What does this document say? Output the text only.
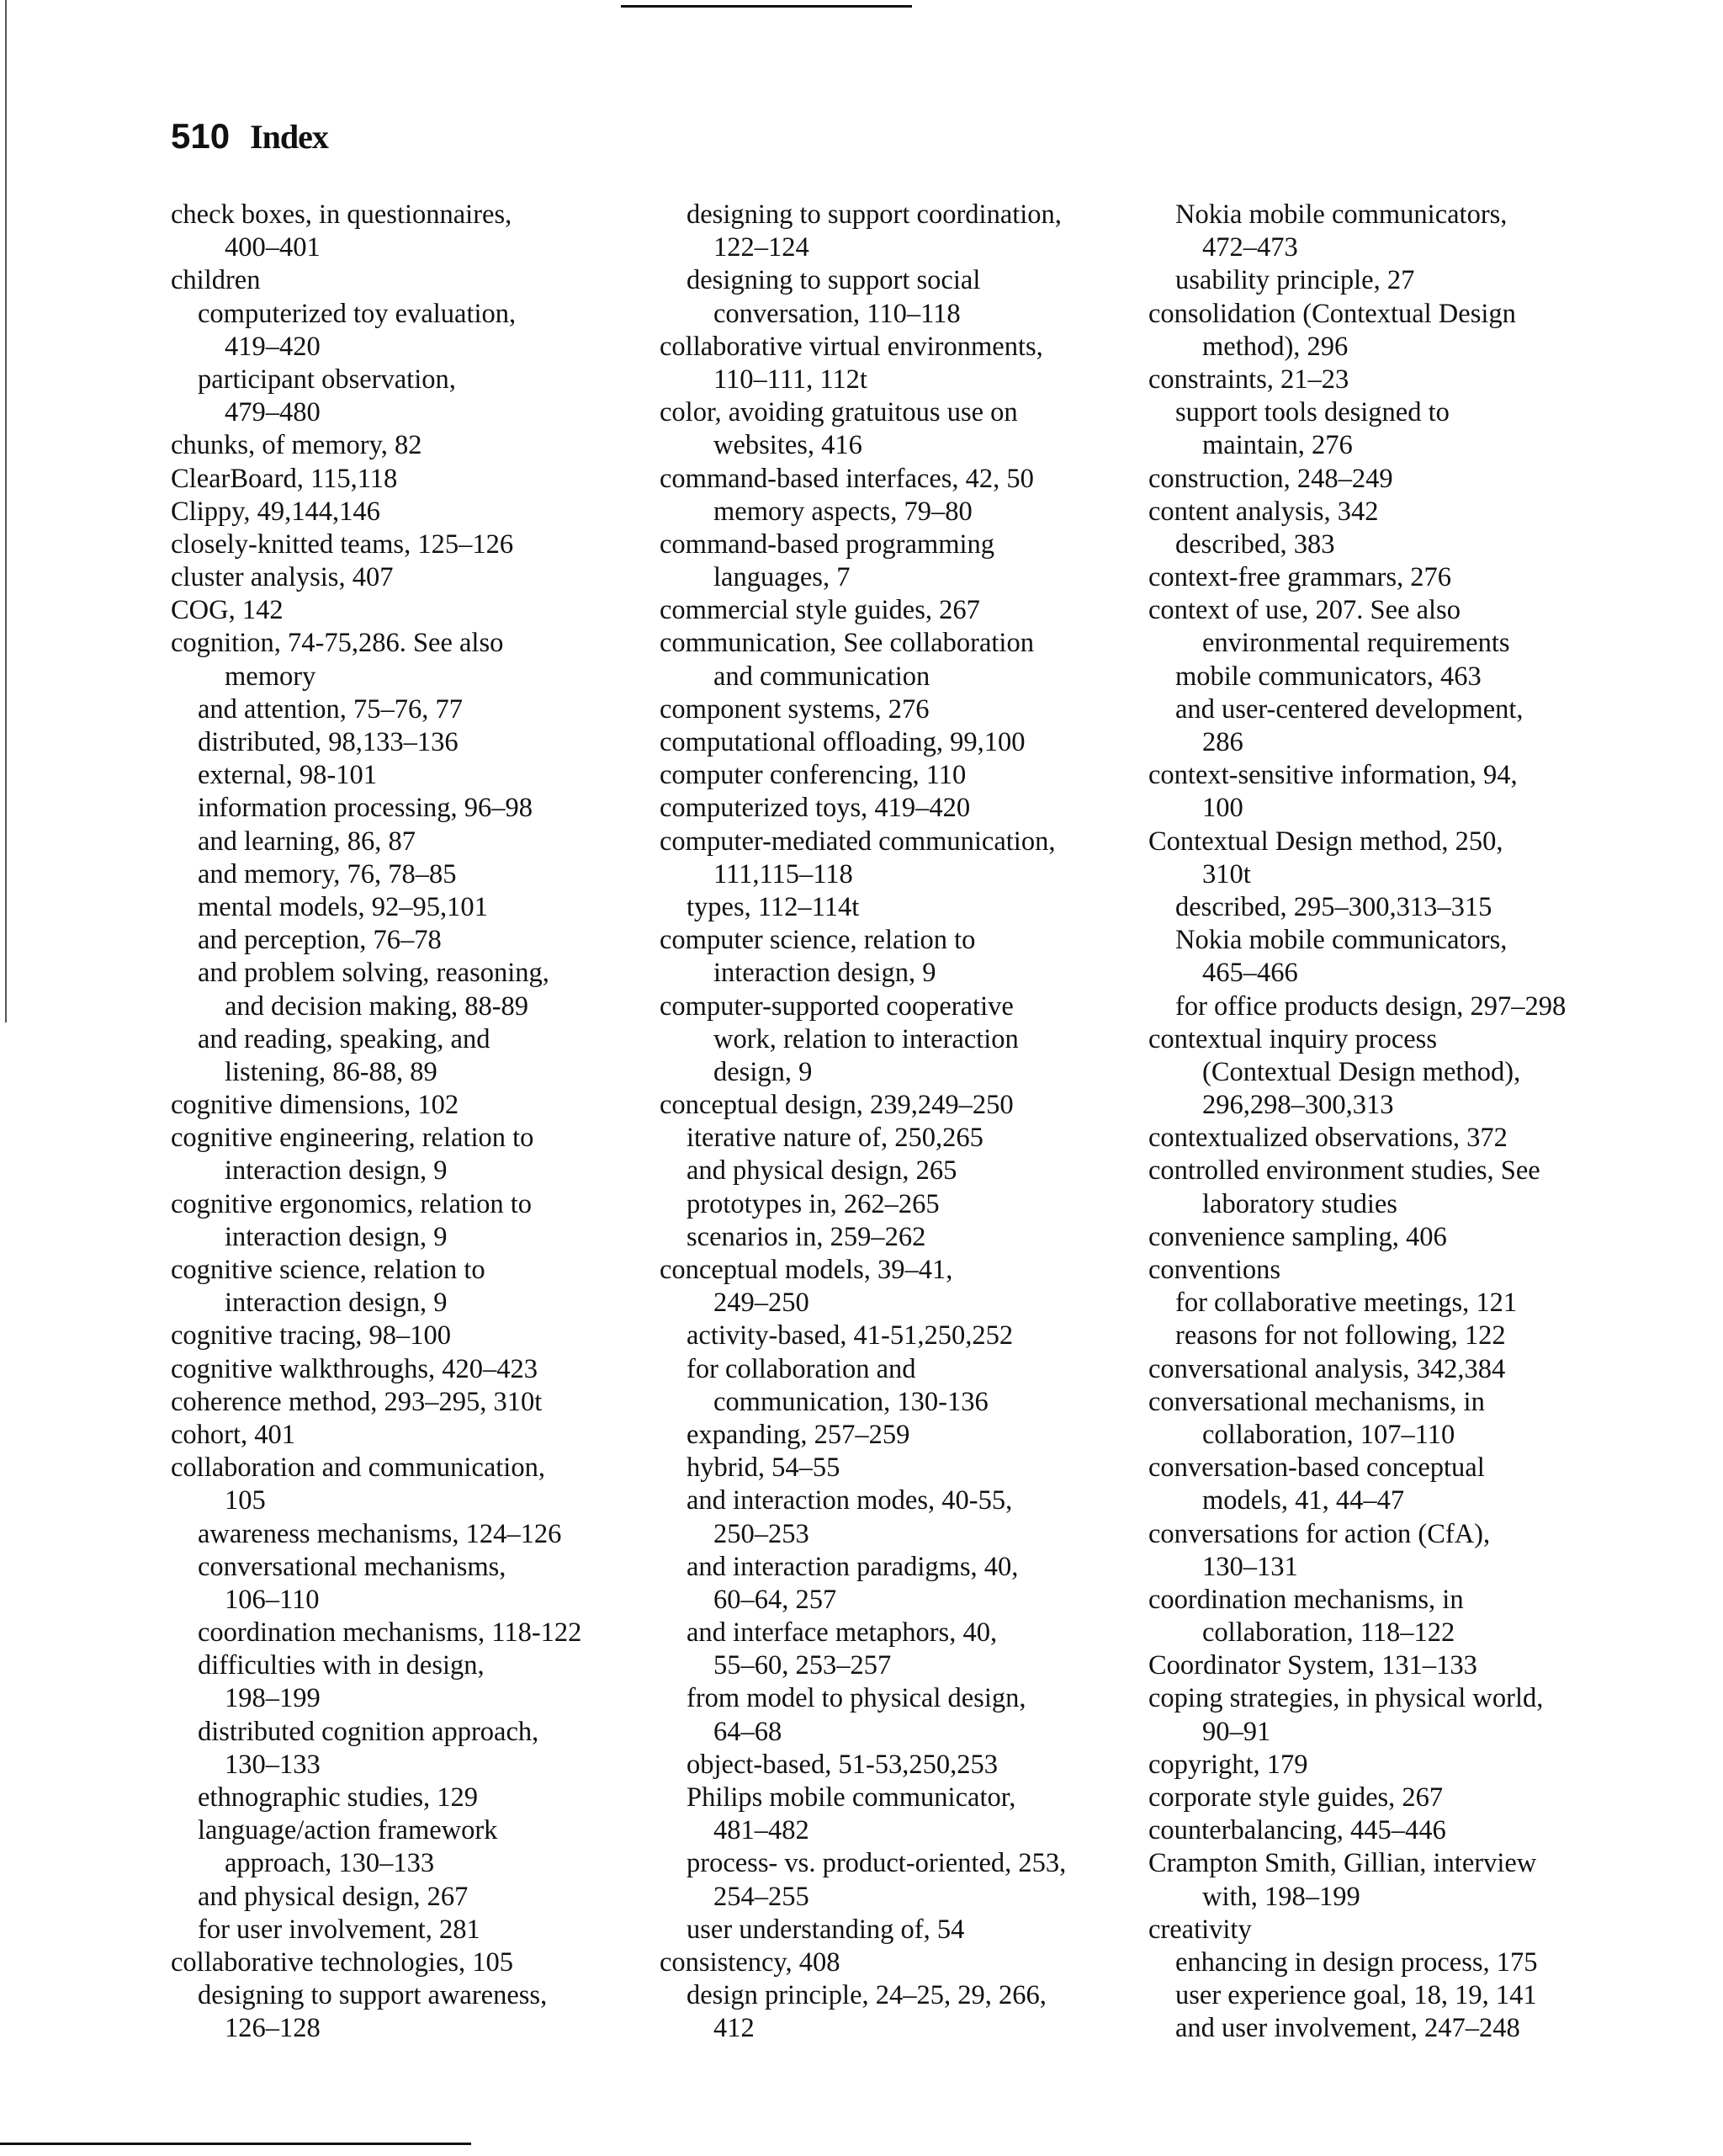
510 Index
check boxes, in questionnaires,
400–401
children
computerized toy evaluation,
419–420
participant observation,
479–480
chunks, of memory, 82
ClearBoard, 115,118
Clippy, 49,144,146
closely-knitted teams, 125–126
cluster analysis, 407
COG, 142
cognition, 74-75,286. See also
memory
and attention, 75–76, 77
distributed, 98,133–136
external, 98-101
information processing, 96–98
and learning, 86, 87
and memory, 76, 78–85
mental models, 92–95,101
and perception, 76–78
and problem solving, reasoning,
and decision making, 88-89
and reading, speaking, and
listening, 86-88, 89
cognitive dimensions, 102
cognitive engineering, relation to
interaction design, 9
cognitive ergonomics, relation to
interaction design, 9
cognitive science, relation to
interaction design, 9
cognitive tracing, 98–100
cognitive walkthroughs, 420–423
coherence method, 293–295, 310t
cohort, 401
collaboration and communication,
105
awareness mechanisms, 124–126
conversational mechanisms,
106–110
coordination mechanisms, 118-122
difficulties with in design,
198–199
distributed cognition approach,
130–133
ethnographic studies, 129
language/action framework
approach, 130–133
and physical design, 267
for user involvement, 281
collaborative technologies, 105
designing to support awareness,
126–128
designing to support coordination,
122–124
designing to support social
conversation, 110–118
collaborative virtual environments,
110–111, 112t
color, avoiding gratuitous use on
websites, 416
command-based interfaces, 42, 50
memory aspects, 79–80
command-based programming
languages, 7
commercial style guides, 267
communication, See collaboration
and communication
component systems, 276
computational offloading, 99,100
computer conferencing, 110
computerized toys, 419–420
computer-mediated communication,
111,115–118
types, 112–114t
computer science, relation to
interaction design, 9
computer-supported cooperative
work, relation to interaction
design, 9
conceptual design, 239,249–250
iterative nature of, 250,265
and physical design, 265
prototypes in, 262–265
scenarios in, 259–262
conceptual models, 39–41,
249–250
activity-based, 41-51,250,252
for collaboration and
communication, 130-136
expanding, 257–259
hybrid, 54–55
and interaction modes, 40-55,
250–253
and interaction paradigms, 40,
60–64, 257
and interface metaphors, 40,
55–60, 253–257
from model to physical design,
64–68
object-based, 51-53,250,253
Philips mobile communicator,
481–482
process- vs. product-oriented, 253,
254–255
user understanding of, 54
consistency, 408
design principle, 24–25, 29, 266,
412
Nokia mobile communicators,
472–473
usability principle, 27
consolidation (Contextual Design
method), 296
constraints, 21–23
support tools designed to
maintain, 276
construction, 248–249
content analysis, 342
described, 383
context-free grammars, 276
context of use, 207. See also
environmental requirements
mobile communicators, 463
and user-centered development,
286
context-sensitive information, 94,
100
Contextual Design method, 250,
310t
described, 295–300,313–315
Nokia mobile communicators,
465–466
for office products design, 297–298
contextual inquiry process
(Contextual Design method),
296,298–300,313
contextualized observations, 372
controlled environment studies, See
laboratory studies
convenience sampling, 406
conventions
for collaborative meetings, 121
reasons for not following, 122
conversational analysis, 342,384
conversational mechanisms, in
collaboration, 107–110
conversation-based conceptual
models, 41, 44–47
conversations for action (CfA),
130–131
coordination mechanisms, in
collaboration, 118–122
Coordinator System, 131–133
coping strategies, in physical world,
90–91
copyright, 179
corporate style guides, 267
counterbalancing, 445–446
Crampton Smith, Gillian, interview
with, 198–199
creativity
enhancing in design process, 175
user experience goal, 18, 19, 141
and user involvement, 247–248
